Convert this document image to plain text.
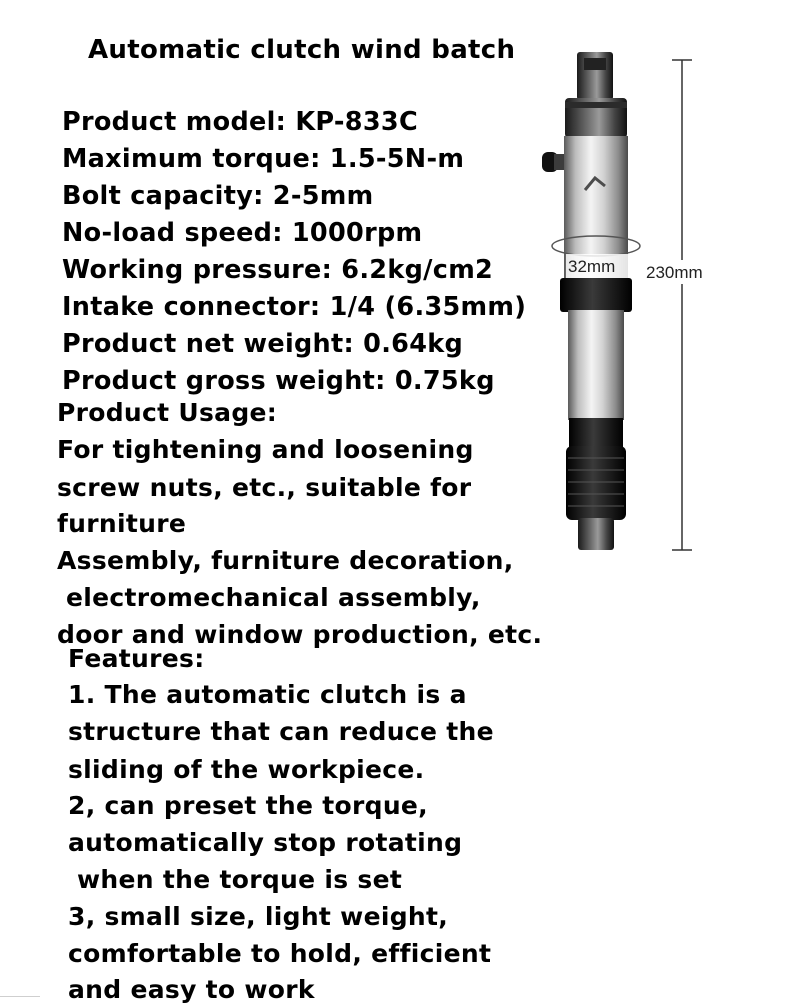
Automatic clutch wind batch
Product model: KP-833C
Maximum torque: 1.5-5N-m
Bolt capacity: 2-5mm
No-load speed: 1000rpm
Working pressure: 6.2kg/cm2
Intake connector: 1/4 (6.35mm)
Product net weight: 0.64kg
Product gross weight: 0.75kg
Product Usage:
For tightening and loosening
screw nuts, etc., suitable for
furniture
Assembly, furniture decoration,
electromechanical assembly,
door and window production, etc.
Features:
1. The automatic clutch is a
structure that can reduce the
sliding of the workpiece.
2, can preset the torque,
automatically stop rotating
when the torque is set
3, small size, light weight,
comfortable to hold, efficient
and easy to work
32mm 230mm
